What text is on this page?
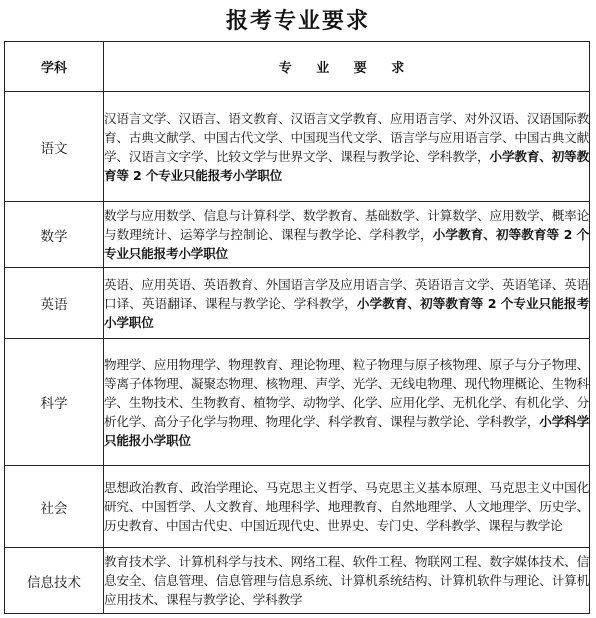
报考专业要求
学科	专 业 要 求
语文	汉语言文学、汉语言、语文教育、汉语言文学教育、应用语言学、对外汉语、汉语国际教育、古典文献学、中国古代文学、中国现当代文学、语言学与应用语言学、中国古典文献学、汉语言文字学、比较文学与世界文学、课程与教学论、学科教学，小学教育、初等教育等 2 个专业只能报考小学职位
数学	数学与应用数学、信息与计算科学、数学教育、基础数学、计算数学、应用数学、概率论与数理统计、运筹学与控制论、课程与教学论、学科教学，小学教育、初等教育等 2 个专业只能报考小学职位
英语	英语、应用英语、英语教育、外国语言学及应用语言学、英语语言文学、英语笔译、英语口译、英语翻译、课程与教学论、学科教学，小学教育、初等教育等 2 个专业只能报考小学职位
科学	物理学、应用物理学、物理教育、理论物理、粒子物理与原子核物理、原子与分子物理、等离子体物理、凝聚态物理、核物理、声学、光学、无线电物理、现代物理概论、生物科学、生物技术、生物教育、植物学、动物学、化学、应用化学、无机化学、有机化学、分析化学、高分子化学与物理、物理化学、科学教育、课程与教学论、学科教学，小学科学只能报小学职位
社会	思想政治教育、政治学理论、马克思主义哲学、马克思主义基本原理、马克思主义中国化研究、中国哲学、人文教育、地理科学、地理教育、自然地理学、人文地理学、历史学、历史教育、中国古代史、中国近现代史、世界史、专门史、学科教学、课程与教学论
信息技术	教育技术学、计算机科学与技术、网络工程、软件工程、物联网工程、数字媒体技术、信息安全、信息管理、信息管理与信息系统、计算机系统结构、计算机软件与理论、计算机应用技术、课程与教学论、学科教学
